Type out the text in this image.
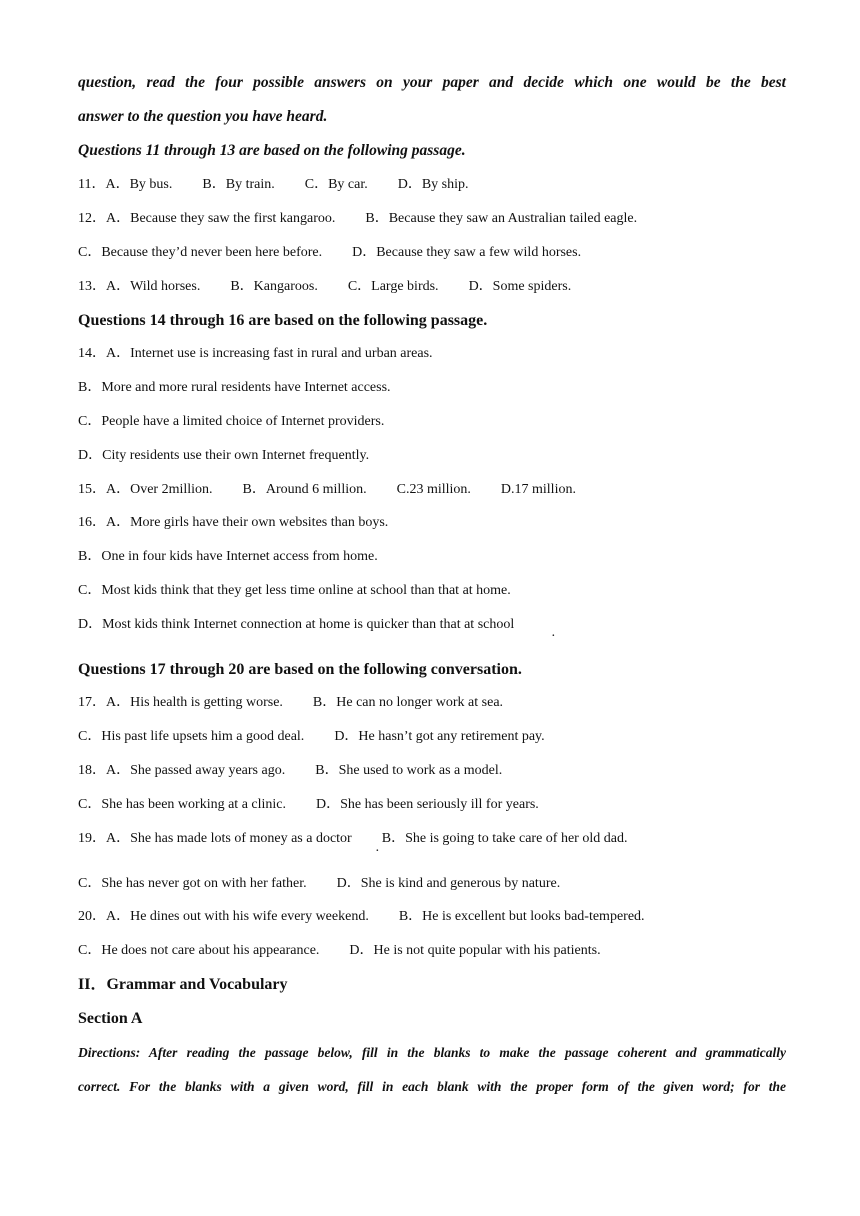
question, read the four possible answers on your paper and decide which one would be the best
answer to the question you have heard.
Questions 11 through 13 are based on the following passage.
11．A．By bus. B．By train. C．By car. D．By ship.
12．A．Because they saw the first kangaroo. B．Because they saw an Australian tailed eagle.
C．Because they’d never been here before. D．Because they saw a few wild horses.
13．A．Wild horses. B．Kangaroos. C．Large birds. D．Some spiders.
Questions 14 through 16 are based on the following passage.
14．A．Internet use is increasing fast in rural and urban areas.
B．More and more rural residents have Internet access.
C．People have a limited choice of Internet providers.
D．City residents use their own Internet frequently.
15．A．Over 2million. B．Around 6 million. C.23 million. D.17 million.
16．A．More girls have their own websites than boys.
B．One in four kids have Internet access from home.
C．Most kids think that they get less time online at school than that at home.
D．Most kids think Internet connection at home is quicker than that at school
·
Questions 17 through 20 are based on the following conversation.
17．A．His health is getting worse. B．He can no longer work at sea.
C．His past life upsets him a good deal. D．He hasn’t got any retirement pay.
18．A．She passed away years ago. B．She used to work as a model.
C．She has been working at a clinic. D．She has been seriously ill for years.
19．A．She has made lots of money as a doctor B．She is going to take care of her old dad.
·
C．She has never got on with her father. D．She is kind and generous by nature.
20．A．He dines out with his wife every weekend. B．He is excellent but looks bad-tempered.
C．He does not care about his appearance. D．He is not quite popular with his patients.
II．Grammar and Vocabulary
Section A
Directions: After reading the passage below, fill in the blanks to make the passage coherent and grammatically
correct. For the blanks with a given word, fill in each blank with the proper form of the given word; for the
